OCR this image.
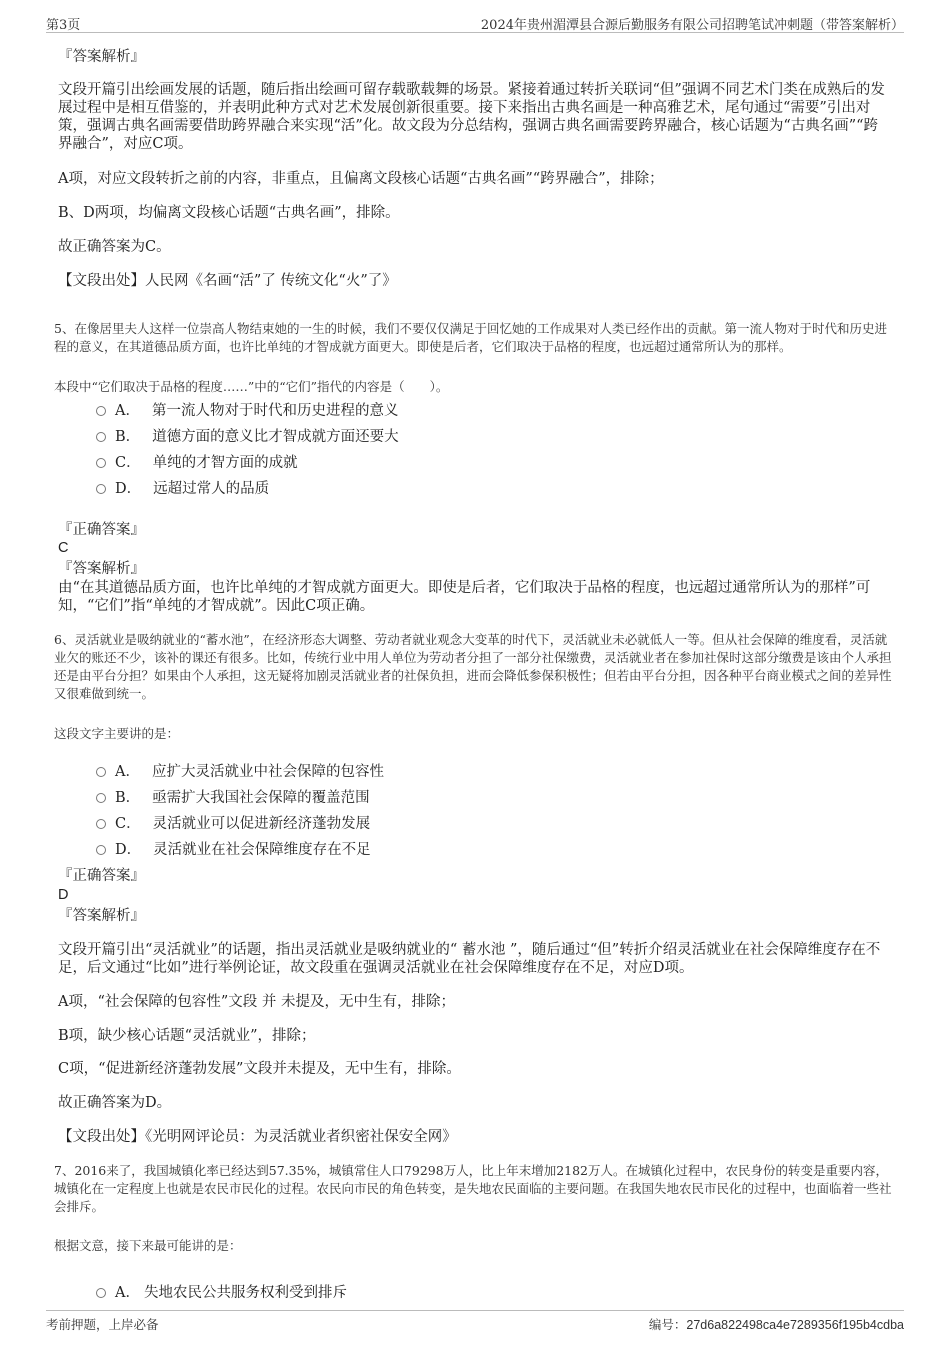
第3页	2024年贵州湄潭县合源后勤服务有限公司招聘笔试冲刺题（带答案解析）
『答案解析』
文段开篇引出绘画发展的话题，随后指出绘画可留存载歌载舞的场景。紧接着通过转折关联词“但”强调不同艺术门类在成熟后的发展过程中是相互借鉴的，并表明此种方式对艺术发展创新很重要。接下来指出古典名画是一种高雅艺术，尾句通过“需要”引出对策，强调古典名画需要借助跨界融合来实现“活”化。故文段为分总结构，强调古典名画需要跨界融合，核心话题为“古典名画”“跨界融合”，对应C项。
A项，对应文段转折之前的内容，非重点，且偏离文段核心话题“古典名画”“跨界融合”，排除；
B、D两项，均偏离文段核心话题“古典名画”，排除。
故正确答案为C。
【文段出处】人民网《名画“活”了 传统文化“火”了》
5、在像居里夫人这样一位崇高人物结束她的一生的时候，我们不要仅仅满足于回忆她的工作成果对人类已经作出的贡献。第一流人物对于时代和历史进程的意义，在其道德品质方面，也许比单纯的才智成就方面更大。即使是后者，它们取决于品格的程度，也远超过通常所认为的那样。
本段中“它们取决于品格的程度……”中的“它们”指代的内容是（　　）。
A． 第一流人物对于时代和历史进程的意义
B． 道德方面的意义比才智成就方面还要大
C． 单纯的才智方面的成就
D． 远超过常人的品质
『正确答案』
C
『答案解析』
由“在其道德品质方面，也许比单纯的才智成就方面更大。即使是后者，它们取决于品格的程度，也远超过通常所认为的那样”可知，“它们”指“单纯的才智成就”。因此C项正确。
6、灵活就业是吸纳就业的“蓄水池”，在经济形态大调整、劳动者就业观念大变革的时代下，灵活就业未必就低人一等。但从社会保障的维度看，灵活就业欠的账还不少，该补的课还有很多。比如，传统行业中用人单位为劳动者分担了一部分社保缴费，灵活就业者在参加社保时这部分缴费是该由个人承担还是由平台分担？如果由个人承担，这无疑将加剧灵活就业者的社保负担，进而会降低参保积极性；但若由平台分担，因各种平台商业模式之间的差异性又很难做到统一。
这段文字主要讲的是：
A． 应扩大灵活就业中社会保障的包容性
B． 亟需扩大我国社会保障的覆盖范围
C． 灵活就业可以促进新经济蓬勃发展
D． 灵活就业在社会保障维度存在不足
『正确答案』
D
『答案解析』
文段开篇引出“灵活就业”的话题，指出灵活就业是吸纳就业的“ 蓄水池 ”，随后通过“但”转折介绍灵活就业在社会保障维度存在不足，后文通过“比如”进行举例论证，故文段重在强调灵活就业在社会保障维度存在不足，对应D项。
A项，“社会保障的包容性”文段 并 未提及，无中生有，排除；
B项，缺少核心话题“灵活就业”，排除；
C项，“促进新经济蓬勃发展”文段并未提及，无中生有，排除。
故正确答案为D。
【文段出处】《光明网评论员：为灵活就业者织密社保安全网》
7、2016来了，我国城镇化率已经达到57.35%，城镇常住人口79298万人，比上年末增加2182万人。在城镇化过程中，农民身份的转变是重要内容，城镇化在一定程度上也就是农民市民化的过程。农民向市民的角色转变，是失地农民面临的主要问题。在我国失地农民市民化的过程中，也面临着一些社会排斥。
根据文意，接下来最可能讲的是：
A． 失地农民公共服务权利受到排斥
考前押题，上岸必备	编号：27d6a822498ca4e7289356f195b4cdba
